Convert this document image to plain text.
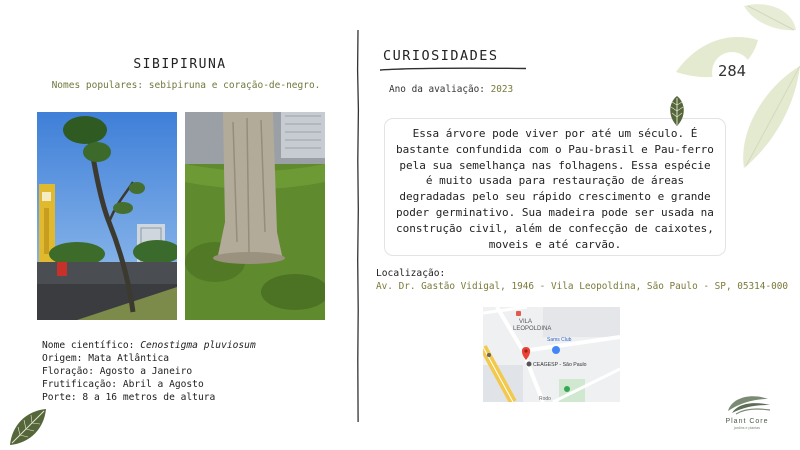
SIBIPIRUNA
Nomes populares: sebipiruna e coração-de-negro.
Nome científico: Cenostigma pluviosum
Origem: Mata Atlântica
Floração: Agosto a Janeiro
Frutificação: Abril a Agosto
Porte: 8 a 16 metros de altura
CURIOSIDADES
Ano da avaliação: 2023

Essa árvore pode viver por até um século. É bastante confundida com o Pau-brasil e Pau-ferro pela sua semelhança nas folhagens. Essa espécie é muito usada para restauração de áreas degradadas pelo seu rápido crescimento e grande poder germinativo. Sua madeira pode ser usada na construção civil, além de confecção de caixotes, moveis e até carvão.

Localização:
Av. Dr. Gastão Vidigal, 1946 - Vila Leopoldina, São Paulo - SP, 05314-000
VILA
LEOPOLDINA
Sams Club
CEAGESP - São Paulo
Rodo
284
Plant Core
jardins e plantas
